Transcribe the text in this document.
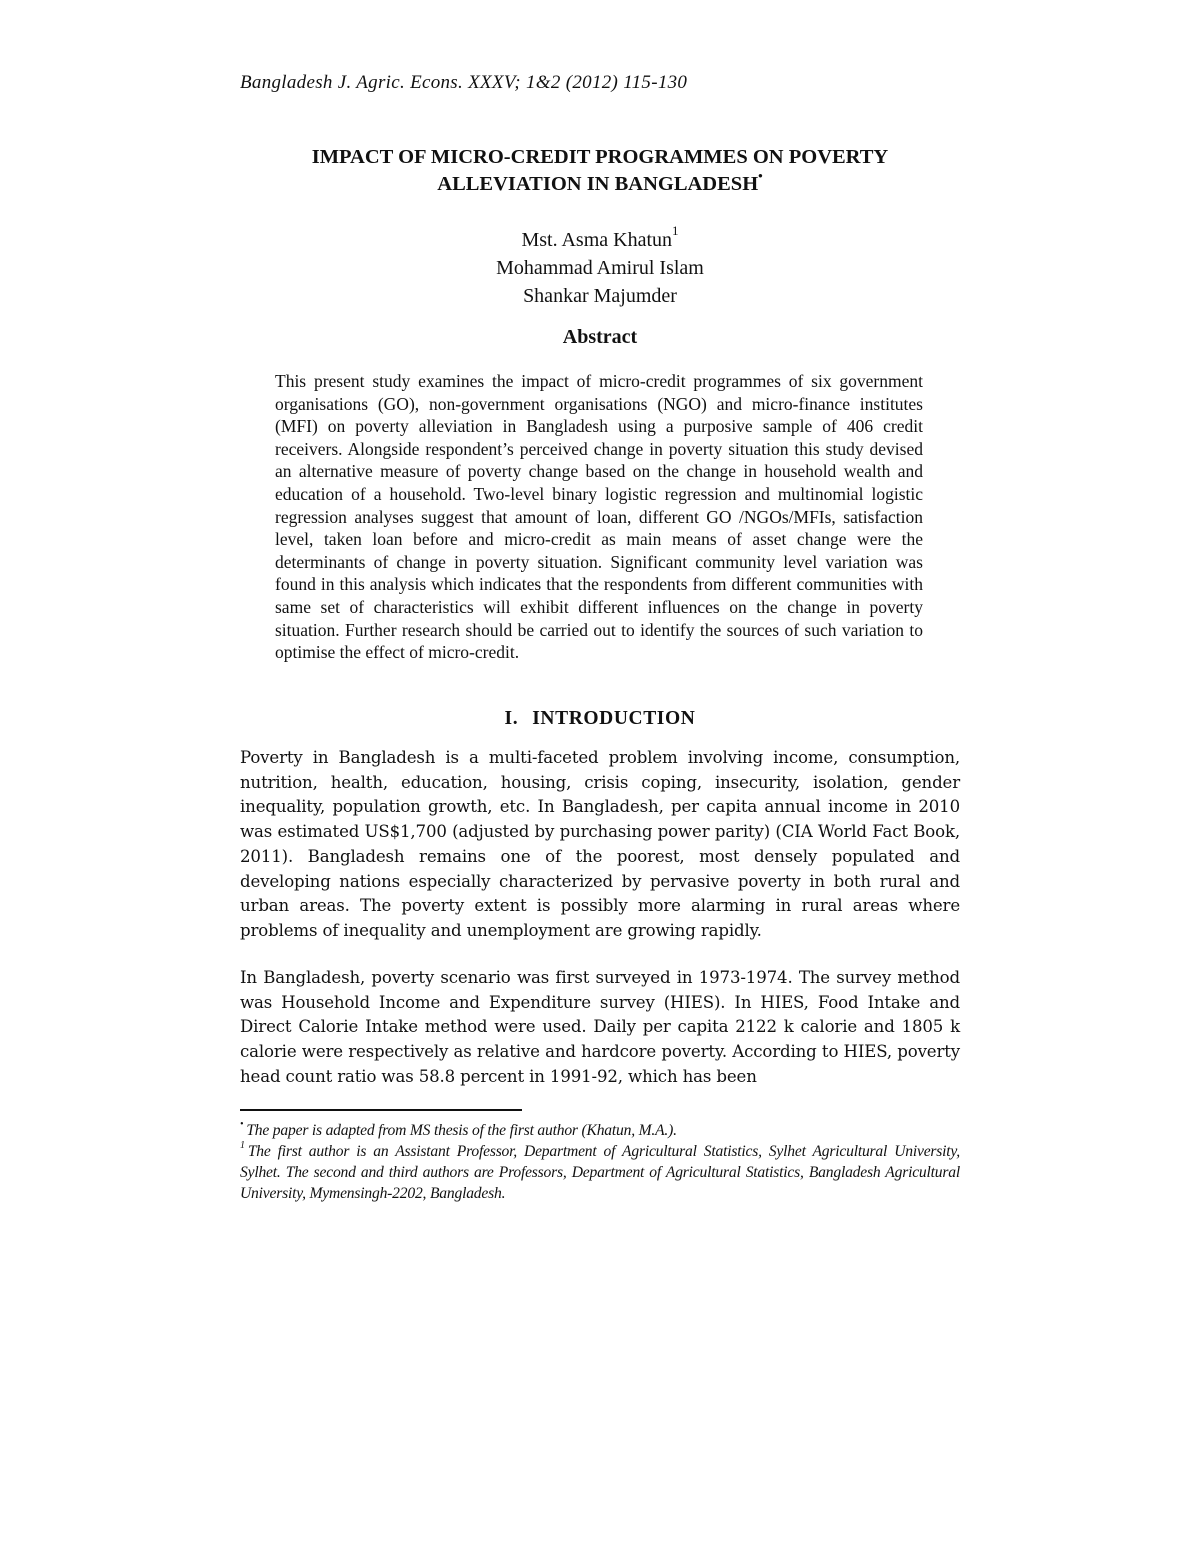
Bangladesh J. Agric. Econs. XXXV; 1&2 (2012) 115-130
IMPACT OF MICRO-CREDIT PROGRAMMES ON POVERTY
ALLEVIATION IN BANGLADESH•
Mst. Asma Khatun$^1$
Mohammad Amirul Islam
Shankar Majumder
Abstract
This present study examines the impact of micro-credit programmes of six government organisations (GO), non-government organisations (NGO) and micro-finance institutes (MFI) on poverty alleviation in Bangladesh using a purposive sample of 406 credit receivers. Alongside respondent’s perceived change in poverty situation this study devised an alternative measure of poverty change based on the change in household wealth and education of a household. Two-level binary logistic regression and multinomial logistic regression analyses suggest that amount of loan, different GO /NGOs/MFIs, satisfaction level, taken loan before and micro-credit as main means of asset change were the determinants of change in poverty situation. Significant community level variation was found in this analysis which indicates that the respondents from different communities with same set of characteristics will exhibit different influences on the change in poverty situation. Further research should be carried out to identify the sources of such variation to optimise the effect of micro-credit.
I. INTRODUCTION
Poverty in Bangladesh is a multi-faceted problem involving income, consumption, nutrition, health, education, housing, crisis coping, insecurity, isolation, gender inequality, population growth, etc. In Bangladesh, per capita annual income in 2010 was estimated US$1,700 (adjusted by purchasing power parity) (CIA World Fact Book, 2011). Bangladesh remains one of the poorest, most densely populated and developing nations especially characterized by pervasive poverty in both rural and urban areas. The poverty extent is possibly more alarming in rural areas where problems of inequality and unemployment are growing rapidly.
In Bangladesh, poverty scenario was first surveyed in 1973-1974. The survey method was Household Income and Expenditure survey (HIES). In HIES, Food Intake and Direct Calorie Intake method were used. Daily per capita 2122 k calorie and 1805 k calorie were respectively as relative and hardcore poverty. According to HIES, poverty head count ratio was 58.8 percent in 1991-92, which has been
• The paper is adapted from MS thesis of the first author (Khatun, M.A.).
$^1$ The first author is an Assistant Professor, Department of Agricultural Statistics, Sylhet Agricultural University, Sylhet. The second and third authors are Professors, Department of Agricultural Statistics, Bangladesh Agricultural University, Mymensingh-2202, Bangladesh.
